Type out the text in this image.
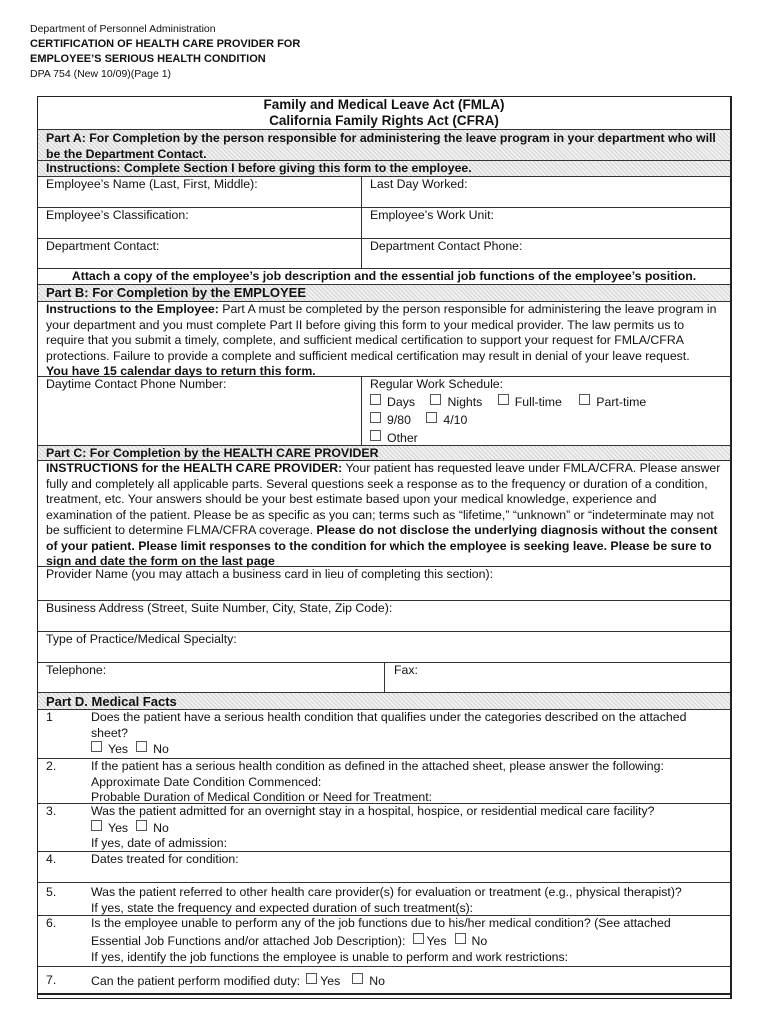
Department of Personnel Administration
CERTIFICATION OF HEALTH CARE PROVIDER FOR
EMPLOYEE’S SERIOUS HEALTH CONDITION
DPA 754 (New 10/09)(Page 1)
Family and Medical Leave Act (FMLA)
California Family Rights Act (CFRA)
Part A: For Completion by the person responsible for administering the leave program in your department who will be the Department Contact.
Instructions: Complete Section I before giving this form to the employee.
Employee’s Name (Last, First, Middle):	Last Day Worked:
Employee’s Classification:	Employee’s Work Unit:
Department Contact:	Department Contact Phone:
Attach a copy of the employee’s job description and the essential job functions of the employee’s position.
Part B: For Completion by the EMPLOYEE
Instructions to the Employee: Part A must be completed by the person responsible for administering the leave program in your department and you must complete Part II before giving this form to your medical provider. The law permits us to require that you submit a timely, complete, and sufficient medical certification to support your request for FMLA/CFRA protections. Failure to provide a complete and sufficient medical certification may result in denial of your leave request.
You have 15 calendar days to return this form.
Daytime Contact Phone Number:	Regular Work Schedule:
Days	Nights	Full-time	Part-time
9/80	4/10
Other
Part C: For Completion by the HEALTH CARE PROVIDER
INSTRUCTIONS for the HEALTH CARE PROVIDER: Your patient has requested leave under FMLA/CFRA. Please answer fully and completely all applicable parts. Several questions seek a response as to the frequency or duration of a condition, treatment, etc. Your answers should be your best estimate based upon your medical knowledge, experience and examination of the patient. Please be as specific as you can; terms such as “lifetime,” “unknown” or “indeterminate may not be sufficient to determine FLMA/CFRA coverage. Please do not disclose the underlying diagnosis without the consent of your patient. Please limit responses to the condition for which the employee is seeking leave. Please be sure to sign and date the form on the last page
Provider Name (you may attach a business card in lieu of completing this section):
Business Address (Street, Suite Number, City, State, Zip Code):
Type of Practice/Medical Specialty:
Telephone:	Fax:
Part D. Medical Facts
1	Does the patient have a serious health condition that qualifies under the categories described on the attached sheet?
Yes No
2.	If the patient has a serious health condition as defined in the attached sheet, please answer the following:
Approximate Date Condition Commenced:
Probable Duration of Medical Condition or Need for Treatment:
3.	Was the patient admitted for an overnight stay in a hospital, hospice, or residential medical care facility?
Yes No
If yes, date of admission:
4.	Dates treated for condition:
5.	Was the patient referred to other health care provider(s) for evaluation or treatment (e.g., physical therapist)?
If yes, state the frequency and expected duration of such treatment(s):
6.	Is the employee unable to perform any of the job functions due to his/her medical condition? (See attached
Essential Job Functions and/or attached Job Description): Yes No
If yes, identify the job functions the employee is unable to perform and work restrictions:
7.	Can the patient perform modified duty: Yes No
